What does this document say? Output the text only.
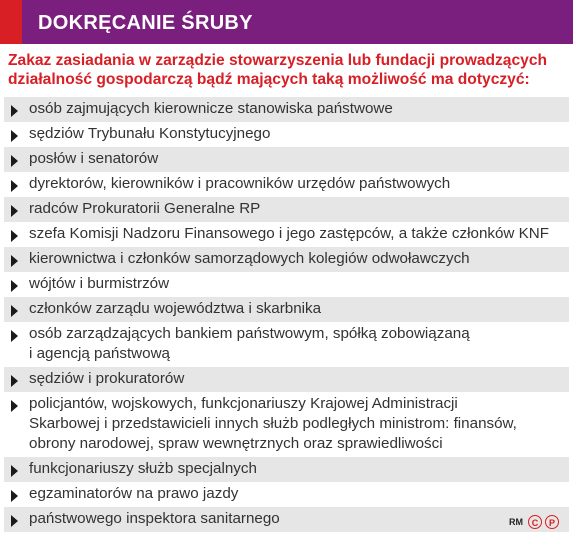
DOKRĘCANIE ŚRUBY
Zakaz zasiadania w zarządzie stowarzyszenia lub fundacji prowadzących działalność gospodarczą bądź mających taką możliwość ma dotyczyć:
osób zajmujących kierownicze stanowiska państwowe
sędziów Trybunału Konstytucyjnego
posłów i senatorów
dyrektorów, kierowników i pracowników urzędów państwowych
radców Prokuratorii Generalne RP
szefa Komisji Nadzoru Finansowego i jego zastępców, a także członków KNF
kierownictwa i członków samorządowych kolegiów odwoławczych
wójtów i burmistrzów
członków zarządu województwa i skarbnika
osób zarządzających bankiem państwowym, spółką zobowiązaną
i agencją państwową
sędziów i prokuratorów
policjantów, wojskowych, funkcjonariuszy Krajowej Administracji
Skarbowej i przedstawicieli innych służb podległych ministrom: finansów,
obrony narodowej, spraw wewnętrznych oraz sprawiedliwości
funkcjonariuszy służb specjalnych
egzaminatorów na prawo jazdy
państwowego inspektora sanitarnego	RM C	P
